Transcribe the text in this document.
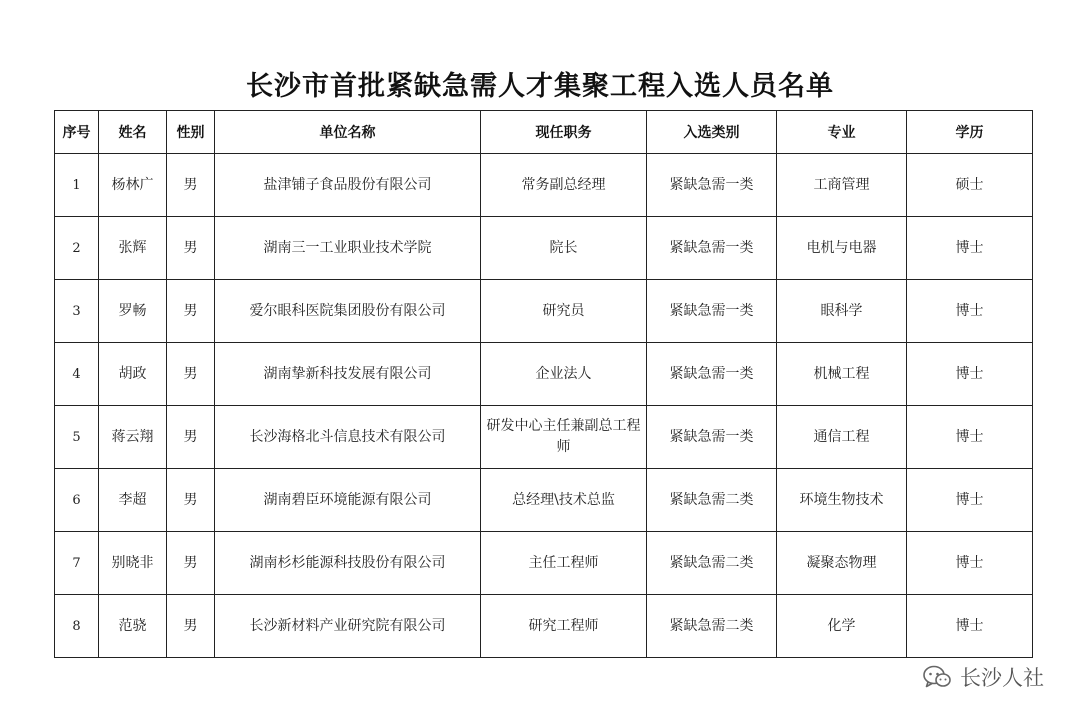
长沙市首批紧缺急需人才集聚工程入选人员名单
序号	姓名	性别	单位名称	现任职务	入选类别	专业	学历
1	杨林广	男	盐津铺子食品股份有限公司	常务副总经理	紧缺急需一类	工商管理	硕士
2	张辉	男	湖南三一工业职业技术学院	院长	紧缺急需一类	电机与电器	博士
3	罗畅	男	爱尔眼科医院集团股份有限公司	研究员	紧缺急需一类	眼科学	博士
4	胡政	男	湖南挚新科技发展有限公司	企业法人	紧缺急需一类	机械工程	博士
5	蒋云翔	男	长沙海格北斗信息技术有限公司	研发中心主任兼副总工程师	紧缺急需一类	通信工程	博士
6	李超	男	湖南碧臣环境能源有限公司	总经理\技术总监	紧缺急需二类	环境生物技术	博士
7	别晓非	男	湖南杉杉能源科技股份有限公司	主任工程师	紧缺急需二类	凝聚态物理	博士
8	范骁	男	长沙新材料产业研究院有限公司	研究工程师	紧缺急需二类	化学	博士
长沙人社
